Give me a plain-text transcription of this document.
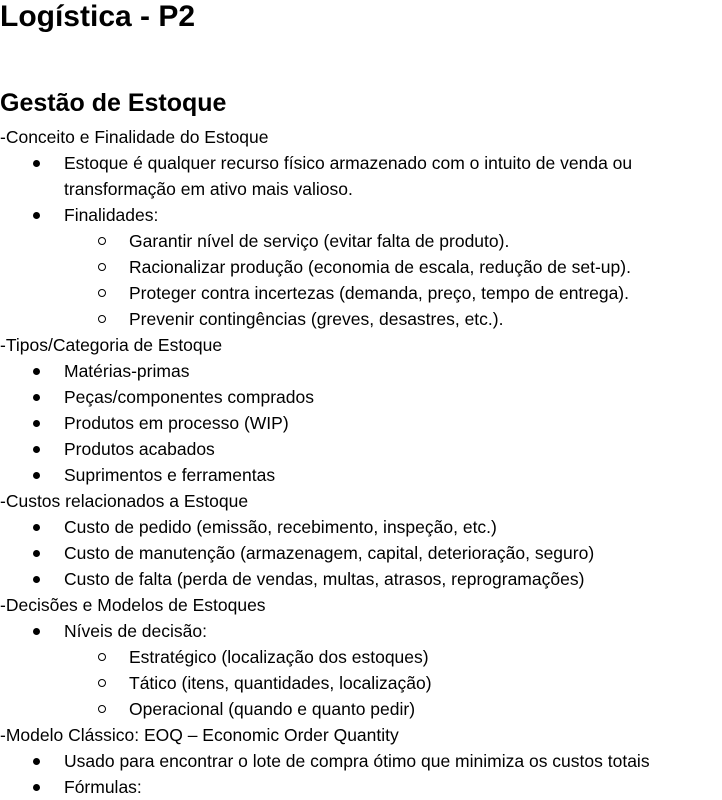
Logística - P2
Gestão de Estoque
-Conceito e Finalidade do Estoque
Estoque é qualquer recurso físico armazenado com o intuito de venda ou
transformação em ativo mais valioso.
Finalidades:
Garantir nível de serviço (evitar falta de produto).
Racionalizar produção (economia de escala, redução de set-up).
Proteger contra incertezas (demanda, preço, tempo de entrega).
Prevenir contingências (greves, desastres, etc.).
-Tipos/Categoria de Estoque
Matérias-primas
Peças/componentes comprados
Produtos em processo (WIP)
Produtos acabados
Suprimentos e ferramentas
-Custos relacionados a Estoque
Custo de pedido (emissão, recebimento, inspeção, etc.)
Custo de manutenção (armazenagem, capital, deterioração, seguro)
Custo de falta (perda de vendas, multas, atrasos, reprogramações)
-Decisões e Modelos de Estoques
Níveis de decisão:
Estratégico (localização dos estoques)
Tático (itens, quantidades, localização)
Operacional (quando e quanto pedir)
-Modelo Clássico: EOQ – Economic Order Quantity
Usado para encontrar o lote de compra ótimo que minimiza os custos totais
Fórmulas:
